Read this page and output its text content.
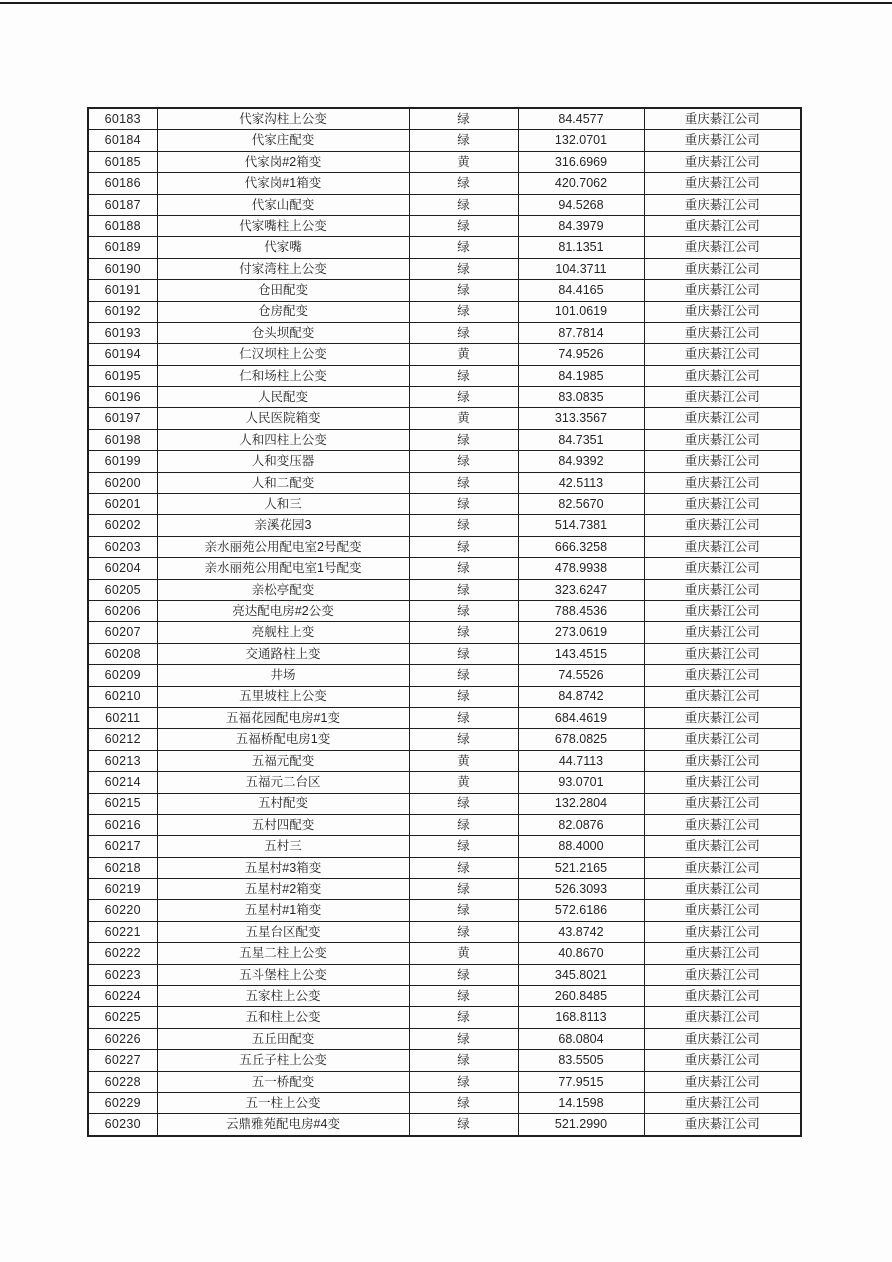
60183	代家沟柱上公变	绿	84.4577	重庆綦江公司
60184	代家庄配变	绿	132.0701	重庆綦江公司
60185	代家岗#2箱变	黄	316.6969	重庆綦江公司
60186	代家岗#1箱变	绿	420.7062	重庆綦江公司
60187	代家山配变	绿	94.5268	重庆綦江公司
60188	代家嘴柱上公变	绿	84.3979	重庆綦江公司
60189	代家嘴	绿	81.1351	重庆綦江公司
60190	付家湾柱上公变	绿	104.3711	重庆綦江公司
60191	仓田配变	绿	84.4165	重庆綦江公司
60192	仓房配变	绿	101.0619	重庆綦江公司
60193	仓头坝配变	绿	87.7814	重庆綦江公司
60194	仁汉坝柱上公变	黄	74.9526	重庆綦江公司
60195	仁和场柱上公变	绿	84.1985	重庆綦江公司
60196	人民配变	绿	83.0835	重庆綦江公司
60197	人民医院箱变	黄	313.3567	重庆綦江公司
60198	人和四柱上公变	绿	84.7351	重庆綦江公司
60199	人和变压器	绿	84.9392	重庆綦江公司
60200	人和二配变	绿	42.5113	重庆綦江公司
60201	人和三	绿	82.5670	重庆綦江公司
60202	亲溪花园3	绿	514.7381	重庆綦江公司
60203	亲水丽苑公用配电室2号配变	绿	666.3258	重庆綦江公司
60204	亲水丽苑公用配电室1号配变	绿	478.9938	重庆綦江公司
60205	亲松亭配变	绿	323.6247	重庆綦江公司
60206	亮达配电房#2公变	绿	788.4536	重庆綦江公司
60207	亮舰柱上变	绿	273.0619	重庆綦江公司
60208	交通路柱上变	绿	143.4515	重庆綦江公司
60209	井场	绿	74.5526	重庆綦江公司
60210	五里坡柱上公变	绿	84.8742	重庆綦江公司
60211	五福花园配电房#1变	绿	684.4619	重庆綦江公司
60212	五福桥配电房1变	绿	678.0825	重庆綦江公司
60213	五福元配变	黄	44.7113	重庆綦江公司
60214	五福元二台区	黄	93.0701	重庆綦江公司
60215	五村配变	绿	132.2804	重庆綦江公司
60216	五村四配变	绿	82.0876	重庆綦江公司
60217	五村三	绿	88.4000	重庆綦江公司
60218	五星村#3箱变	绿	521.2165	重庆綦江公司
60219	五星村#2箱变	绿	526.3093	重庆綦江公司
60220	五星村#1箱变	绿	572.6186	重庆綦江公司
60221	五星台区配变	绿	43.8742	重庆綦江公司
60222	五星二柱上公变	黄	40.8670	重庆綦江公司
60223	五斗堡柱上公变	绿	345.8021	重庆綦江公司
60224	五家柱上公变	绿	260.8485	重庆綦江公司
60225	五和柱上公变	绿	168.8113	重庆綦江公司
60226	五丘田配变	绿	68.0804	重庆綦江公司
60227	五丘子柱上公变	绿	83.5505	重庆綦江公司
60228	五一桥配变	绿	77.9515	重庆綦江公司
60229	五一柱上公变	绿	14.1598	重庆綦江公司
60230	云鼎雅苑配电房#4变	绿	521.2990	重庆綦江公司
